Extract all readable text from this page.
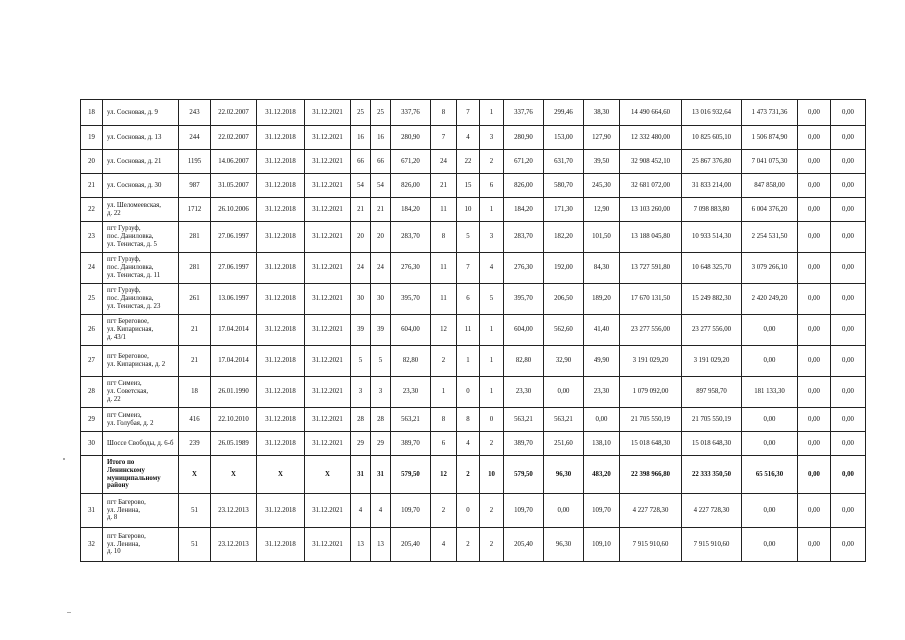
18	ул. Сосновая, д. 9	243	22.02.2007	31.12.2018	31.12.2021	25	25	337,76	8	7	1	337,76	299,46	38,30	14 490 664,60	13 016 932,64	1 473 731,36	0,00	0,00
19	ул. Сосновая, д. 13	244	22.02.2007	31.12.2018	31.12.2021	16	16	280,90	7	4	3	280,90	153,00	127,90	12 332 480,00	10 825 605,10	1 506 874,90	0,00	0,00
20	ул. Сосновая, д. 21	1195	14.06.2007	31.12.2018	31.12.2021	66	66	671,20	24	22	2	671,20	631,70	39,50	32 908 452,10	25 867 376,80	7 041 075,30	0,00	0,00
21	ул. Сосновая, д. 30	987	31.05.2007	31.12.2018	31.12.2021	54	54	826,00	21	15	6	826,00	580,70	245,30	32 681 072,00	31 833 214,00	847 858,00	0,00	0,00
22	ул. Шеломеевская,
д. 22	1712	26.10.2006	31.12.2018	31.12.2021	21	21	184,20	11	10	1	184,20	171,30	12,90	13 103 260,00	7 098 883,80	6 004 376,20	0,00	0,00
23	пгт Гурзуф,
пос. Даниловка,
ул. Тенистая, д. 5	281	27.06.1997	31.12.2018	31.12.2021	20	20	283,70	8	5	3	283,70	182,20	101,50	13 188 045,80	10 933 514,30	2 254 531,50	0,00	0,00
24	пгт Гурзуф,
пос. Даниловка,
ул. Тенистая, д. 11	281	27.06.1997	31.12.2018	31.12.2021	24	24	276,30	11	7	4	276,30	192,00	84,30	13 727 591,80	10 648 325,70	3 079 266,10	0,00	0,00
25	пгт Гурзуф,
пос. Даниловка,
ул. Тенистая, д. 23	261	13.06.1997	31.12.2018	31.12.2021	30	30	395,70	11	6	5	395,70	206,50	189,20	17 670 131,50	15 249 882,30	2 420 249,20	0,00	0,00
26	пгт Береговое,
ул. Кипарисная,
д. 43/1	21	17.04.2014	31.12.2018	31.12.2021	39	39	604,00	12	11	1	604,00	562,60	41,40	23 277 556,00	23 277 556,00	0,00	0,00	0,00
27	пгт Береговое,
ул. Кипарисная, д. 2	21	17.04.2014	31.12.2018	31.12.2021	5	5	82,80	2	1	1	82,80	32,90	49,90	3 191 029,20	3 191 029,20	0,00	0,00	0,00
28	пгт Симеиз,
ул. Советская,
д. 22	18	26.01.1990	31.12.2018	31.12.2021	3	3	23,30	1	0	1	23,30	0,00	23,30	1 079 092,00	897 958,70	181 133,30	0,00	0,00
29	пгт Симеиз,
ул. Голубая, д. 2	416	22.10.2010	31.12.2018	31.12.2021	28	28	563,21	8	8	0	563,21	563,21	0,00	21 705 550,19	21 705 550,19	0,00	0,00	0,00
30	Шоссе Свободы, д. 6-б	239	26.05.1989	31.12.2018	31.12.2021	29	29	389,70	6	4	2	389,70	251,60	138,10	15 018 648,30	15 018 648,30	0,00	0,00	0,00
	Итого по
Ленинскому
муниципальному
району	X	X	X	X	31	31	579,50	12	2	10	579,50	96,30	483,20	22 398 966,80	22 333 350,50	65 516,30	0,00	0,00
31	пгт Багерово,
ул. Ленина,
д. 8	51	23.12.2013	31.12.2018	31.12.2021	4	4	109,70	2	0	2	109,70	0,00	109,70	4 227 728,30	4 227 728,30	0,00	0,00	0,00
32	пгт Багерово,
ул. Ленина,
д. 10	51	23.12.2013	31.12.2018	31.12.2021	13	13	205,40	4	2	2	205,40	96,30	109,10	7 915 910,60	7 915 910,60	0,00	0,00	0,00
